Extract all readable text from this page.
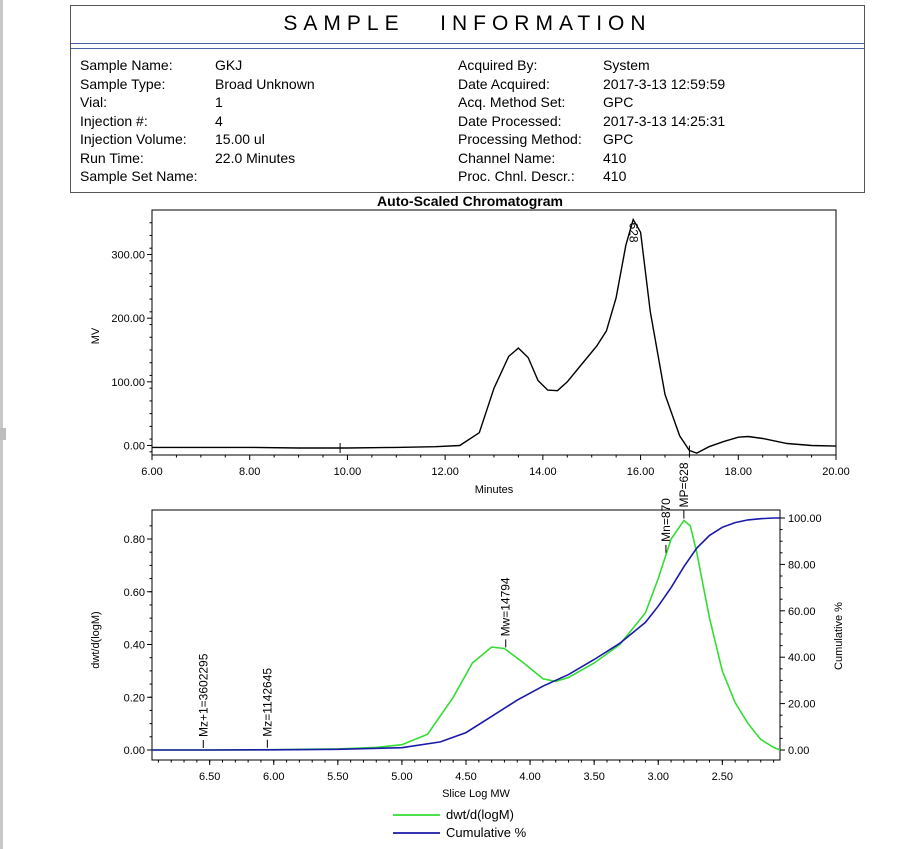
SAMPLE   INFORMATION
Sample Name:	GKJ
Sample Type:	Broad Unknown
Vial:	1
Injection #:	4
Injection Volume: 15.00 ul
Run Time:	22.0 Minutes
Sample Set Name:
Acquired By:	System
Date Acquired:	2017-3-13 12:59:59
Acq. Method Set:	GPC
Date Processed:	2017-3-13 14:25:31
Processing Method: GPC
Channel Name:	410
Proc. Chnl. Descr.: 410
Auto-Scaled Chromatogram
6.00	8.00	10.00	12.00	14.00	16.00	18.00	20.00
0.00
100.00
200.00
300.00
Minutes
MV
628
6.50	6.00	5.50	5.00	4.50	4.00	3.50	3.00	2.50
0.00
0.20
0.40
0.60
0.80
0.00
20.00
40.00
60.00
80.00
100.00
Slice Log MW
dwt/d(logM)	Cumulative %
Mz+1=3602295	Mz=1142645
Mw=14794
Mn=870
MP=628
dwt/d(logM)
Cumulative %
